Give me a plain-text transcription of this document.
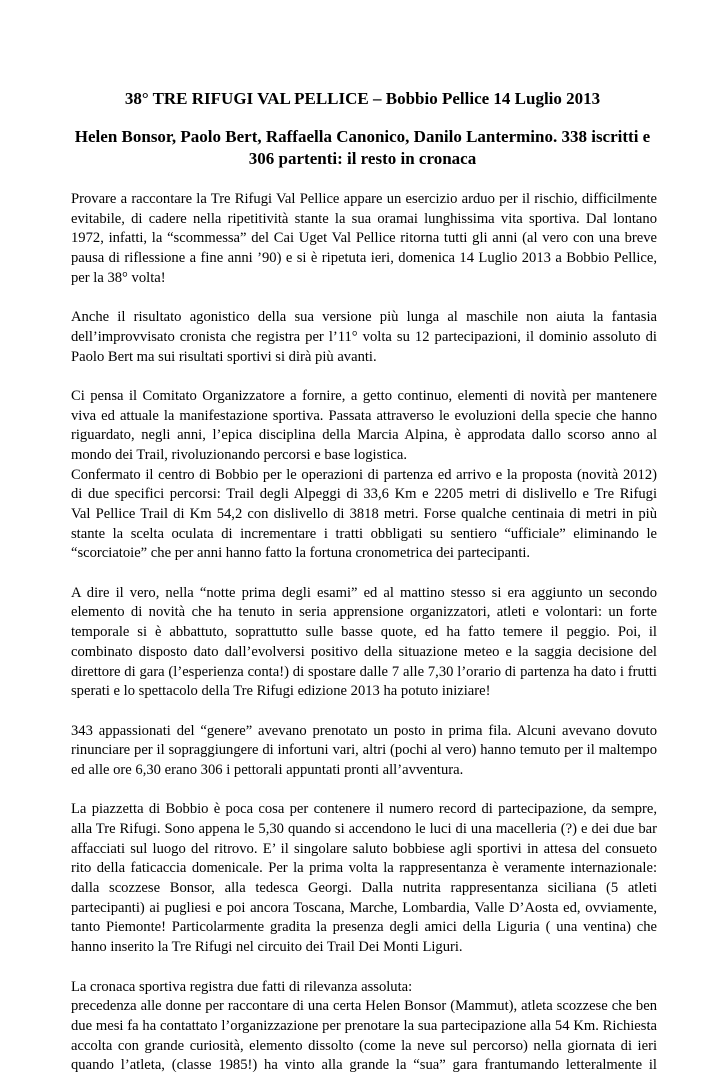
38° TRE RIFUGI VAL PELLICE – Bobbio Pellice 14 Luglio 2013
Helen Bonsor, Paolo Bert, Raffaella Canonico, Danilo Lantermino. 338 iscritti e
306 partenti: il resto in cronaca
Provare a raccontare la Tre Rifugi Val Pellice appare un esercizio arduo per il rischio, difficilmente
evitabile, di cadere nella ripetitività stante la sua oramai lunghissima vita sportiva. Dal lontano
1972, infatti, la “scommessa” del Cai Uget Val Pellice ritorna tutti gli anni (al vero con una breve
pausa di riflessione a fine anni ’90) e si è ripetuta ieri, domenica 14 Luglio 2013 a Bobbio Pellice,
per la 38° volta!
Anche il risultato agonistico della sua versione più lunga al maschile non aiuta la fantasia
dell’improvvisato cronista che registra per l’11° volta su 12 partecipazioni, il dominio assoluto di
Paolo Bert ma sui risultati sportivi si dirà più avanti.
Ci pensa il Comitato Organizzatore a fornire, a getto continuo, elementi di novità per mantenere
viva ed attuale la manifestazione sportiva. Passata attraverso le evoluzioni della specie che hanno
riguardato, negli anni, l’epica disciplina della Marcia Alpina, è approdata dallo scorso anno al
mondo dei Trail, rivoluzionando percorsi e base logistica.
Confermato il centro di Bobbio per le operazioni di partenza ed arrivo e la proposta (novità 2012)
di due specifici percorsi: Trail degli Alpeggi di 33,6 Km e 2205 metri di dislivello e Tre Rifugi
Val Pellice Trail di Km 54,2 con dislivello di 3818 metri. Forse qualche centinaia di metri in più
stante la scelta oculata di incrementare i tratti obbligati su sentiero “ufficiale” eliminando le
“scorciatoie” che per anni hanno fatto la fortuna cronometrica dei partecipanti.
A dire il vero, nella “notte prima degli esami” ed al mattino stesso si era aggiunto un secondo
elemento di novità che ha tenuto in seria apprensione organizzatori, atleti e volontari: un forte
temporale si è abbattuto, soprattutto sulle basse quote, ed ha fatto temere il peggio. Poi, il
combinato disposto dato dall’evolversi positivo della situazione meteo e la saggia decisione del
direttore di gara (l’esperienza conta!) di spostare dalle 7 alle 7,30 l’orario di partenza ha dato i frutti
sperati e lo spettacolo della Tre Rifugi edizione 2013 ha potuto iniziare!
343 appassionati del “genere” avevano prenotato un posto in prima fila. Alcuni avevano dovuto
rinunciare per il sopraggiungere di infortuni vari, altri (pochi al vero) hanno temuto per il maltempo
ed alle ore 6,30 erano 306 i pettorali appuntati pronti all’avventura.
La piazzetta di Bobbio è poca cosa per contenere il numero record di partecipazione, da sempre,
alla Tre Rifugi. Sono appena le 5,30 quando si accendono le luci di una macelleria (?) e dei due bar
affacciati sul luogo del ritrovo. E’ il singolare saluto bobbiese agli sportivi in attesa del consueto
rito della faticaccia domenicale. Per la prima volta la rappresentanza è veramente internazionale:
dalla scozzese Bonsor, alla tedesca Georgi. Dalla nutrita rappresentanza siciliana (5 atleti
partecipanti) ai pugliesi e poi ancora Toscana, Marche, Lombardia, Valle D’Aosta ed, ovviamente,
tanto Piemonte! Particolarmente gradita la presenza degli amici della Liguria ( una ventina) che
hanno inserito la Tre Rifugi nel circuito dei Trail Dei Monti Liguri.
La cronaca sportiva registra due fatti di rilevanza assoluta:
precedenza alle donne per raccontare di una certa Helen Bonsor (Mammut), atleta scozzese che ben
due mesi fa ha contattato l’organizzazione per prenotare la sua partecipazione alla 54 Km. Richiesta
accolta con grande curiosità, elemento dissolto (come la neve sul percorso) nella giornata di ieri
quando l’atleta, (classe 1985!) ha vinto alla grande la “sua” gara frantumando letteralmente il
